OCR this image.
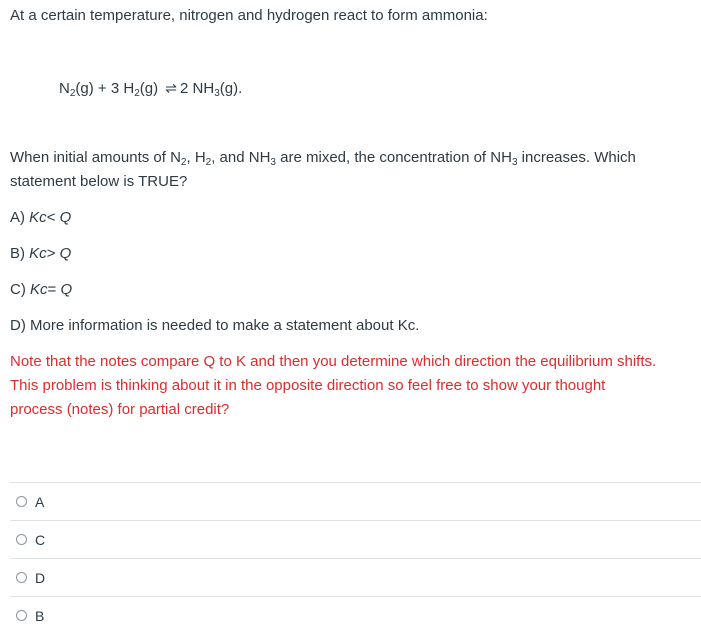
At a certain temperature, nitrogen and hydrogen react to form ammonia:

$N_2(g) + 3$ $H_2(g)$ ⇌ 2 $NH_3(g)$.

When initial amounts of $N_2$, $H_2$, and $NH_3$ are mixed, the concentration of $NH_3$ increases. Which

statement below is TRUE?

A) Kc< Q

B) Kc> Q

C) Kc= Q

D) More information is needed to make a statement about Kc.

Note that the notes compare Q to K and then you determine which direction the equilibrium shifts.
This problem is thinking about it in the opposite direction so feel free to show your thought
process (notes) for partial credit?
A
C
D
B
